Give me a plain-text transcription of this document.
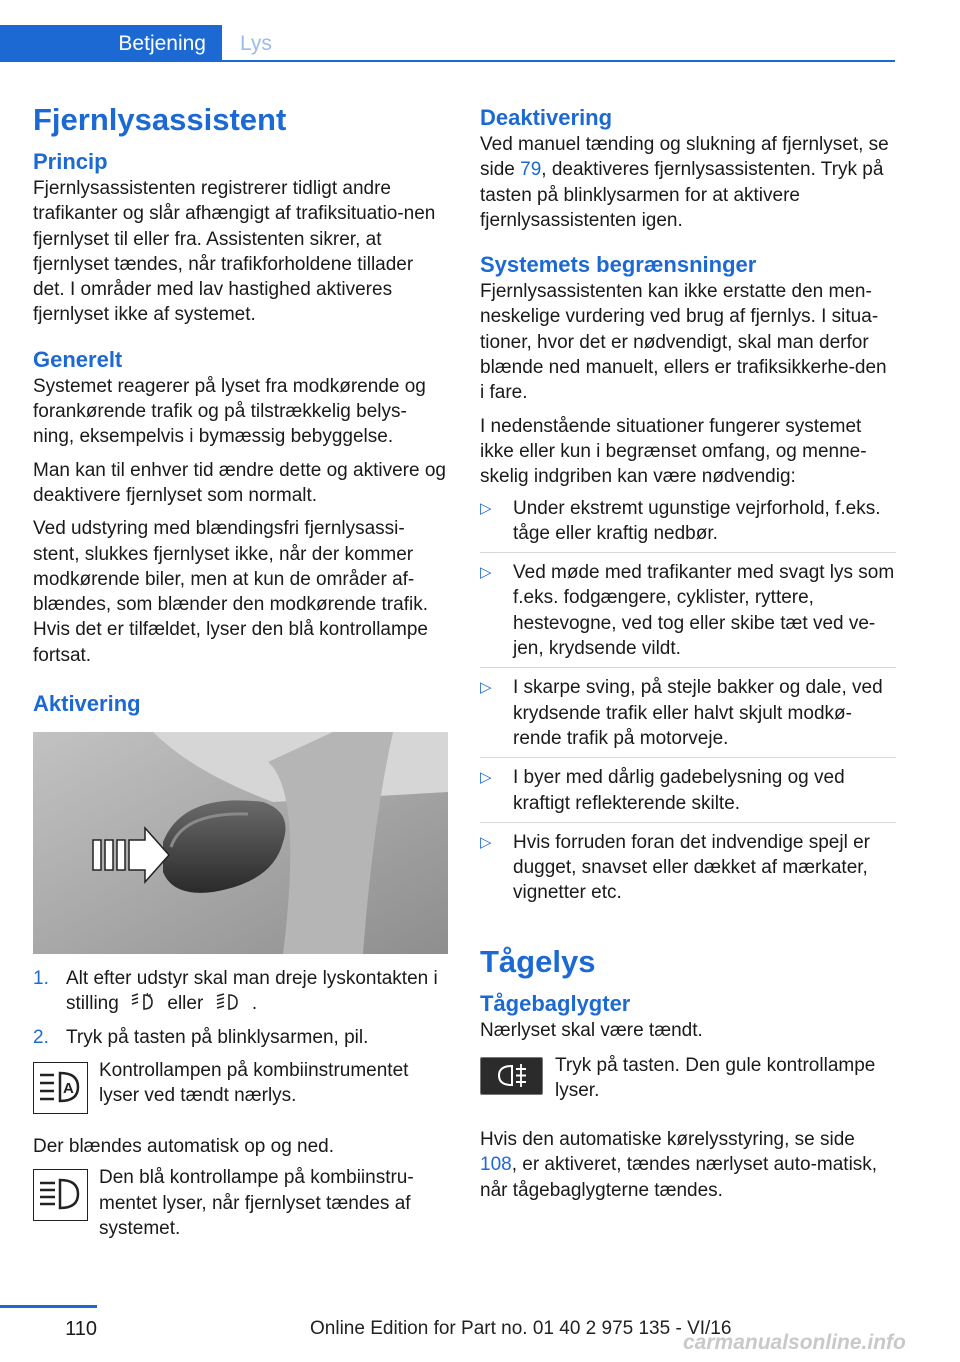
Betjening	Lys
Fjernlysassistent
Princip

Fjernlysassistenten registrerer tidligt andre trafikanter og slår afhængigt af trafiksituatio-nen fjernlyset til eller fra. Assistenten sikrer, at fjernlyset tændes, når trafikforholdene tillader det. I områder med lav hastighed aktiveres fjernlyset ikke af systemet.

Generelt

Systemet reagerer på lyset fra modkørende og forankørende trafik og på tilstrækkelig belys-ning, eksempelvis i bymæssig bebyggelse.

Man kan til enhver tid ændre dette og aktivere og deaktivere fjernlyset som normalt.

Ved udstyring med blændingsfri fjernlysassi-stent, slukkes fjernlyset ikke, når der kommer modkørende biler, men at kun de områder af-blændes, som blænder den modkørende trafik. Hvis det er tilfældet, lyser den blå kontrollampe fortsat.

Aktivering
1. Alt efter udstyr skal man dreje lyskontakten i stilling	eller	.
2. Tryk på tasten på blinklysarmen, pil.
A

Kontrollampen på kombiinstrumentet lyser ved tændt nærlys.

Der blændes automatisk op og ned.

Den blå kontrollampe på kombiinstru-mentet lyser, når fjernlyset tændes af systemet.

Deaktivering

Ved manuel tænding og slukning af fjernlyset, se side 79, deaktiveres fjernlysassistenten. Tryk på tasten på blinklysarmen for at aktivere fjernlysassistenten igen.

Systemets begrænsninger

Fjernlysassistenten kan ikke erstatte den men-neskelige vurdering ved brug af fjernlys. I situa-tioner, hvor det er nødvendigt, skal man derfor blænde ned manuelt, ellers er trafiksikkerhe-den i fare.

I nedenstående situationer fungerer systemet ikke eller kun i begrænset omfang, og menne-skelig indgriben kan være nødvendig:

▷ Under ekstremt ugunstige vejrforhold, f.eks. tåge eller kraftig nedbør.
▷ Ved møde med trafikanter med svagt lys som f.eks. fodgængere, cyklister, ryttere, hestevogne, ved tog eller skibe tæt ved ve-jen, krydsende vildt.
▷ I skarpe sving, på stejle bakker og dale, ved krydsende trafik eller halvt skjult modkø-rende trafik på motorveje.
▷ I byer med dårlig gadebelysning og ved kraftigt reflekterende skilte.
▷ Hvis forruden foran det indvendige spejl er dugget, snavset eller dækket af mærkater, vignetter etc.
Tågelys
Tågebaglygter

Nærlyset skal være tændt.

Tryk på tasten. Den gule kontrollampe lyser.

Hvis den automatiske kørelysstyring, se side 108, er aktiveret, tændes nærlyset auto-matisk, når tågebaglygterne tændes.

110	Online Edition for Part no. 01 40 2 975 135 - VI/16
carmanualsonline.info
